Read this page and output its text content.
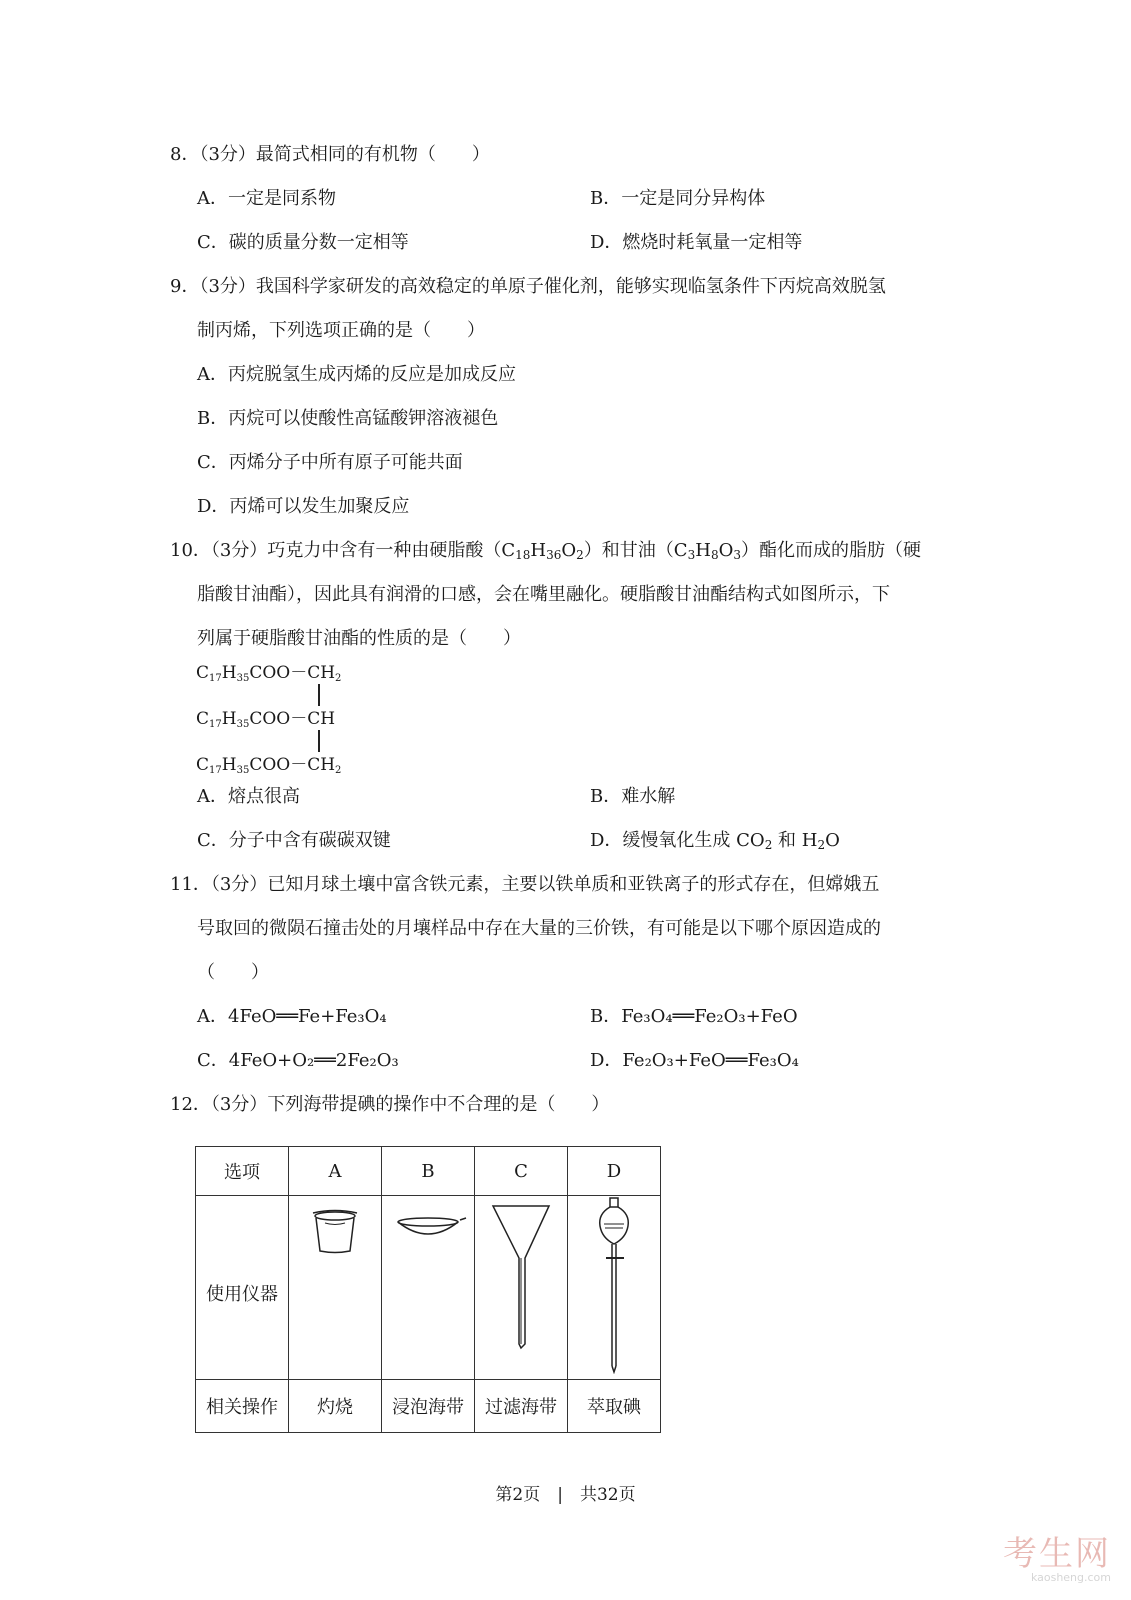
8．（3分）最简式相同的有机物（　　）
A．一定是同系物	B．一定是同分异构体
C．碳的质量分数一定相等	D．燃烧时耗氧量一定相等
9．（3分）我国科学家研发的高效稳定的单原子催化剂，能够实现临氢条件下丙烷高效脱氢
制丙烯，下列选项正确的是（　　）
A．丙烷脱氢生成丙烯的反应是加成反应
B．丙烷可以使酸性高锰酸钾溶液褪色
C．丙烯分子中所有原子可能共面
D．丙烯可以发生加聚反应
10．（3分）巧克力中含有一种由硬脂酸$(C_{18}H_{36}O_2)$和甘油$(C_3H_8O_3)$酯化而成的脂肪（硬
脂酸甘油酯），因此具有润滑的口感，会在嘴里融化。硬脂酸甘油酯结构式如图所示，下
列属于硬脂酸甘油酯的性质的是（　　）
$C_{17}H_{35}COO-CH_2$
$C_{17}H_{35}COO-CH$
$C_{17}H_{35}COO-CH_2$
A．熔点很高	B．难水解
C．分子中含有碳碳双键	D．缓慢氧化生成 $CO_2$ 和 $H_2O$
11．（3分）已知月球土壤中富含铁元素，主要以铁单质和亚铁离子的形式存在，但嫦娥五
号取回的微陨石撞击处的月壤样品中存在大量的三价铁，有可能是以下哪个原因造成的
（　　）
A．4FeO══Fe+Fe₃O₄	B．Fe₃O₄══Fe₂O₃+FeO
C．4FeO+O₂══2Fe₂O₃	D．Fe₂O₃+FeO══Fe₃O₄
12．（3分）下列海带提碘的操作中不合理的是（　　）
选项	A	B	C	D

使用仪器

相关操作	灼烧	浸泡海带	过滤海带	萃取碘
第2页　|　共32页
考生网
kaosheng.com
